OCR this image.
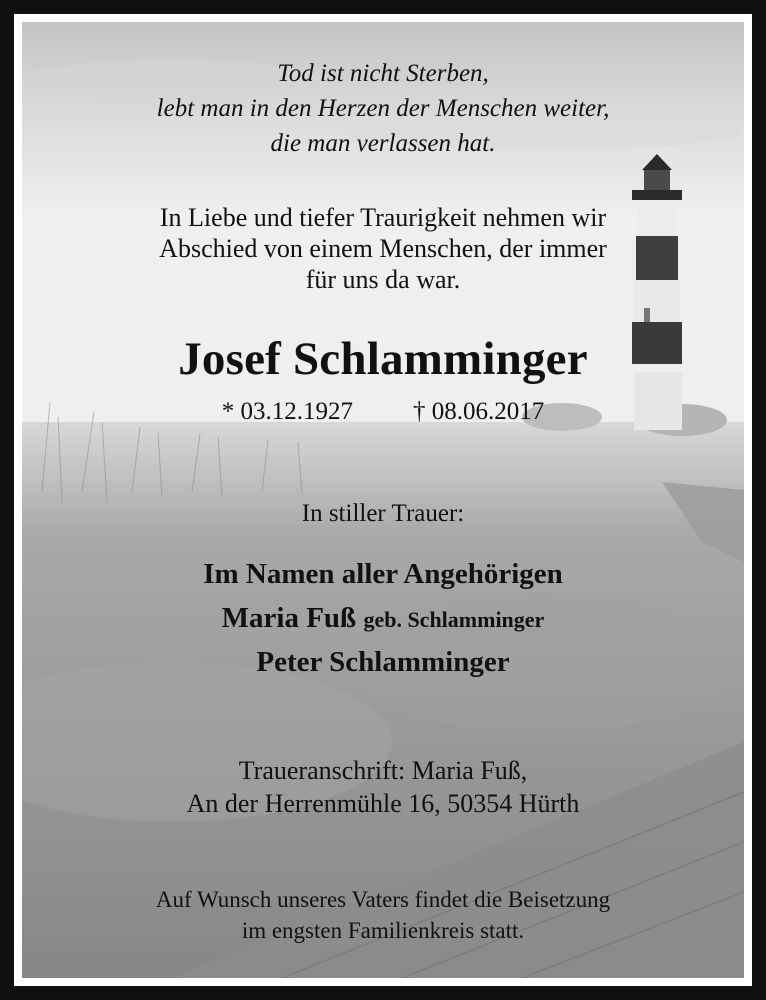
Tod ist nicht Sterben,
lebt man in den Herzen der Menschen weiter,
die man verlassen hat.
In Liebe und tiefer Traurigkeit nehmen wir
Abschied von einem Menschen, der immer
für uns da war.
Josef Schlamminger
* 03.12.1927 † 08.06.2017
In stiller Trauer:
Im Namen aller Angehörigen
Maria Fuß geb. Schlamminger
Peter Schlamminger
Traueranschrift: Maria Fuß,
An der Herrenmühle 16, 50354 Hürth
Auf Wunsch unseres Vaters findet die Beisetzung
im engsten Familienkreis statt.
